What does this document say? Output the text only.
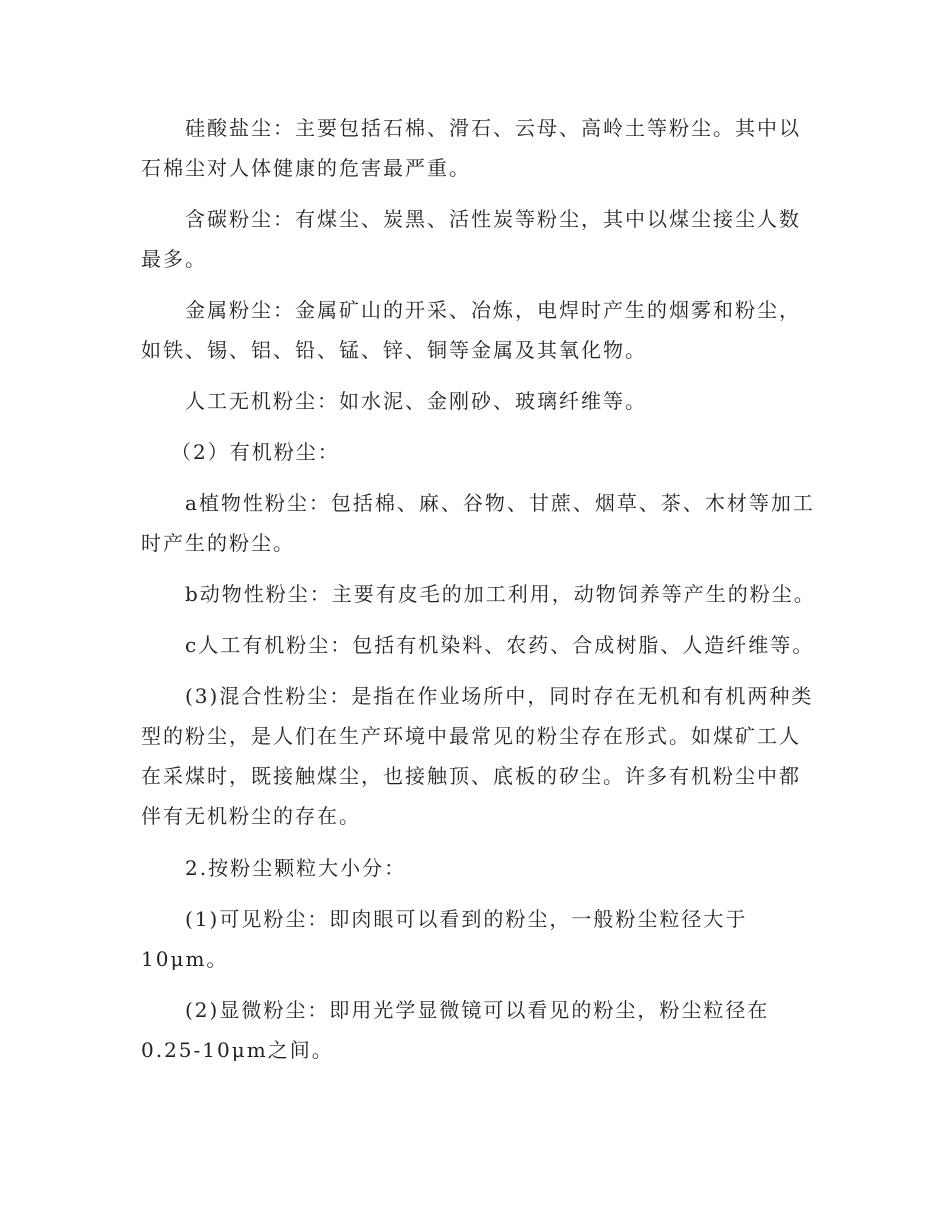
硅酸盐尘：主要包括石棉、滑石、云母、高岭土等粉尘。其中以
石棉尘对人体健康的危害最严重。

含碳粉尘：有煤尘、炭黑、活性炭等粉尘，其中以煤尘接尘人数
最多。

金属粉尘：金属矿山的开采、冶炼，电焊时产生的烟雾和粉尘，
如铁、锡、铝、铅、锰、锌、铜等金属及其氧化物。

人工无机粉尘：如水泥、金刚砂、玻璃纤维等。

（2）有机粉尘：

a植物性粉尘：包括棉、麻、谷物、甘蔗、烟草、茶、木材等加工
时产生的粉尘。

b动物性粉尘：主要有皮毛的加工利用，动物饲养等产生的粉尘。

c人工有机粉尘：包括有机染料、农药、合成树脂、人造纤维等。

(3)混合性粉尘：是指在作业场所中，同时存在无机和有机两种类
型的粉尘，是人们在生产环境中最常见的粉尘存在形式。如煤矿工人
在采煤时，既接触煤尘，也接触顶、底板的矽尘。许多有机粉尘中都
伴有无机粉尘的存在。

2.按粉尘颗粒大小分：

(1)可见粉尘：即肉眼可以看到的粉尘，一般粉尘粒径大于
10μm。

(2)显微粉尘：即用光学显微镜可以看见的粉尘，粉尘粒径在
0.25-10μm之间。
